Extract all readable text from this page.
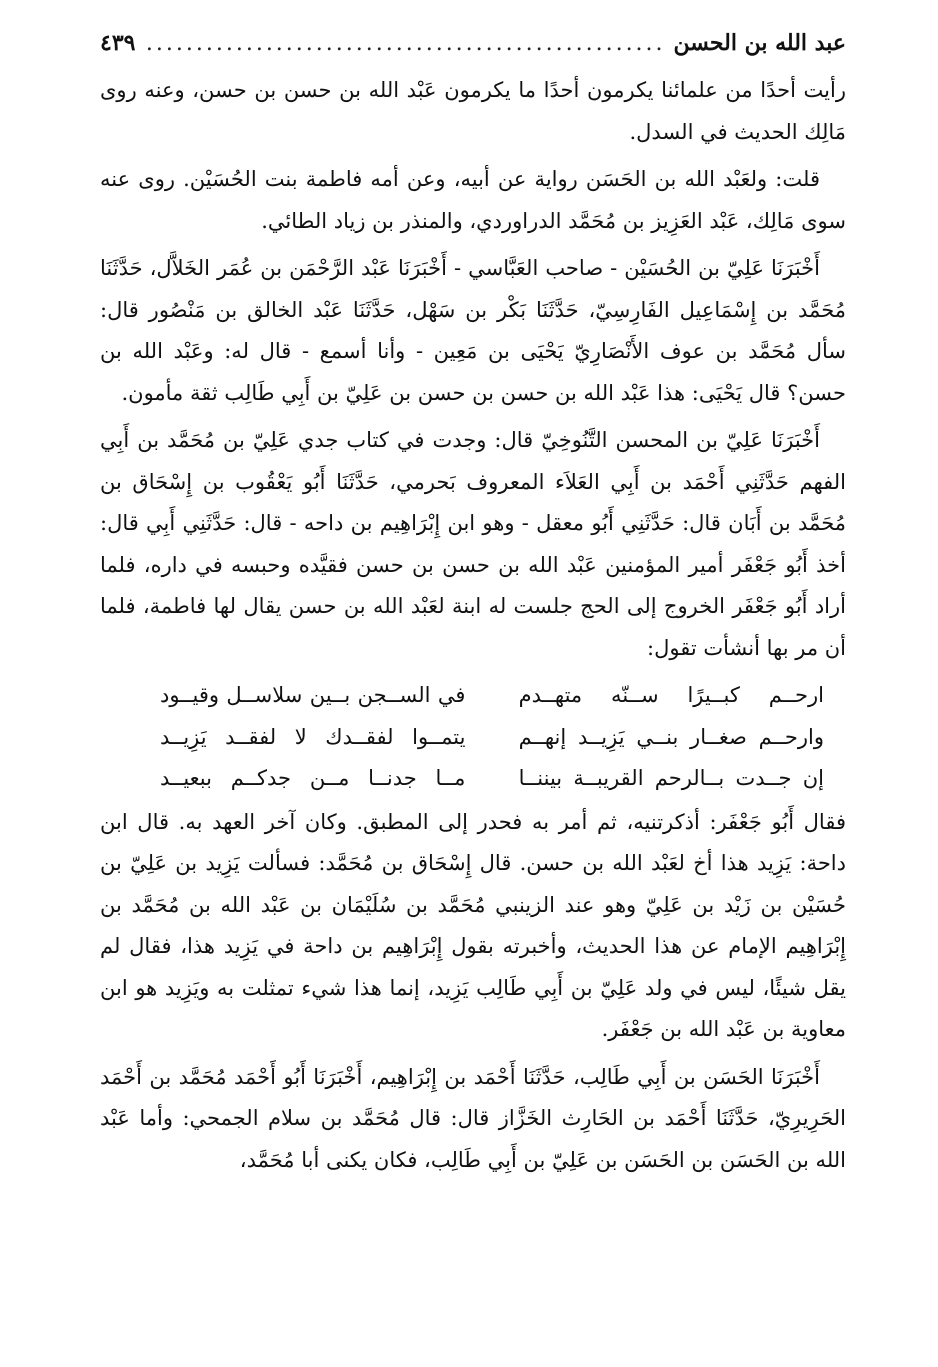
عبد الله بن الحسن
.....
٤٣٩

رأيت أحدًا من علمائنا يكرمون أحدًا ما يكرمون عَبْد الله بن حسن بن حسن، وعنه روى مَالِك الحديث في السدل.

قلت: ولعَبْد الله بن الحَسَن رواية عن أبيه، وعن أمه فاطمة بنت الحُسَيْن. روى عنه سوى مَالِك، عَبْد العَزِيز بن مُحَمَّد الدراوردي، والمنذر بن زياد الطائي.

أَخْبَرَنَا عَلِيّ بن الحُسَيْن - صاحب العَبَّاسي - أَخْبَرَنَا عَبْد الرَّحْمَن بن عُمَر الخَلاَّل، حَدَّثَنَا مُحَمَّد بن إِسْمَاعِيل الفَارِسِيّ، حَدَّثَنَا بَكْر بن سَهْل، حَدَّثَنَا عَبْد الخالق بن مَنْصُور قال: سأل مُحَمَّد بن عوف الأَنْصَارِيّ يَحْيَى بن مَعِين - وأنا أسمع - قال له: وعَبْد الله بن حسن؟ قال يَحْيَى: هذا عَبْد الله بن حسن بن حسن بن عَلِيّ بن أَبِي طَالِب ثقة مأمون.

أَخْبَرَنَا عَلِيّ بن المحسن التَّنُوخِيّ قال: وجدت في كتاب جدي عَلِيّ بن مُحَمَّد بن أَبِي الفهم حَدَّثَنِي أَحْمَد بن أَبِي العَلاَء المعروف بَحرمي، حَدَّثَنَا أَبُو يَعْقُوب بن إِسْحَاق بن مُحَمَّد بن أَبَان قال: حَدَّثَنِي أَبُو معقل - وهو ابن إِبْرَاهِيم بن داحه - قال: حَدَّثَنِي أَبِي قال: أخذ أَبُو جَعْفَر أمير المؤمنين عَبْد الله بن حسن بن حسن فقيَّده وحبسه في داره، فلما أراد أَبُو جَعْفَر الخروج إلى الحج جلست له ابنة لعَبْد الله بن حسن يقال لها فاطمة، فلما أن مر بها أنشأت تقول:

ارحــم كبــيرًا ســنّه متهــدم
في الســجن بــين سلاســل وقيــود
وارحــم صغــار بنــي يَزِيــد إنهــم
يتمــوا لفقــدك لا لفقــد يَزِيــد
إن جــدت بــالرحم القريبــة بيننــا
مــا جدنــا مــن جدكــم ببعيــد

فقال أَبُو جَعْفَر: أذكرتنيه، ثم أمر به فحدر إلى المطبق. وكان آخر العهد به. قال ابن داحة: يَزِيد هذا أخ لعَبْد الله بن حسن. قال إِسْحَاق بن مُحَمَّد: فسألت يَزِيد بن عَلِيّ بن حُسَيْن بن زَيْد بن عَلِيّ وهو عند الزينبي مُحَمَّد بن سُلَيْمَان بن عَبْد الله بن مُحَمَّد بن إِبْرَاهِيم الإمام عن هذا الحديث، وأخبرته بقول إِبْرَاهِيم بن داحة في يَزِيد هذا، فقال لم يقل شيئًا، ليس في ولد عَلِيّ بن أَبِي طَالِب يَزِيد، إنما هذا شيء تمثلت به ويَزِيد هو ابن معاوية بن عَبْد الله بن جَعْفَر.

أَخْبَرَنَا الحَسَن بن أَبِي طَالِب، حَدَّثَنَا أَحْمَد بن إِبْرَاهِيم، أَخْبَرَنَا أَبُو أَحْمَد مُحَمَّد بن أَحْمَد الحَرِيرِيّ، حَدَّثَنَا أَحْمَد بن الحَارِث الخَزَّاز قال: قال مُحَمَّد بن سلام الجمحي: وأما عَبْد الله بن الحَسَن بن الحَسَن بن عَلِيّ بن أَبِي طَالِب، فكان يكنى أبا مُحَمَّد،
